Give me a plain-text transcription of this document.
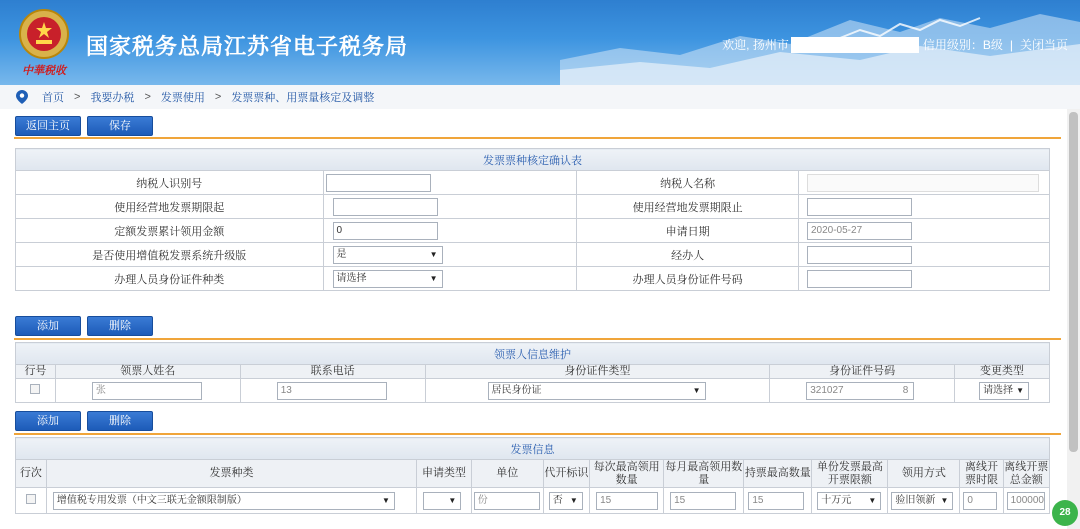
中華税收
国家税务总局江苏省电子税务局	欢迎, 扬州市	信用级别：B级 | 关闭当页
首页 > 我要办税 > 发票使用 > 发票票种、用票量核定及调整
返回主页	保存
发票票种核定确认表			
纳税人识别号		纳税人名称	

使用经营地发票期限起		使用经营地发票期限止	

定额发票累计领用金额	0	申请日期	2020-05-27

是否使用增值税发票系统升级版	是 ▼	经办人	

办理人员身份证件种类	请选择 ▼	办理人员身份证件号码	
添加	删除
领票人信息维护					
行号	领票人姓名	联系电话	身份证件类型	身份证件号码	变更类型

	张	13	居民身份证 ▼	321027 8	请选择 ▼
添加	删除
发票信息											
行次	发票种类	申请类型	单位	代开标识	每次最高领用数量	每月最高领用数量	持票最高数量	单份发票最高开票限额	领用方式	离线开票时限	离线开票总金额

	增值税专用发票（中文三联无金额限制版） ▼	▼	份	否 ▼	15	15	15	十万元 ▼	验旧领新 ▼	0	100000
28
